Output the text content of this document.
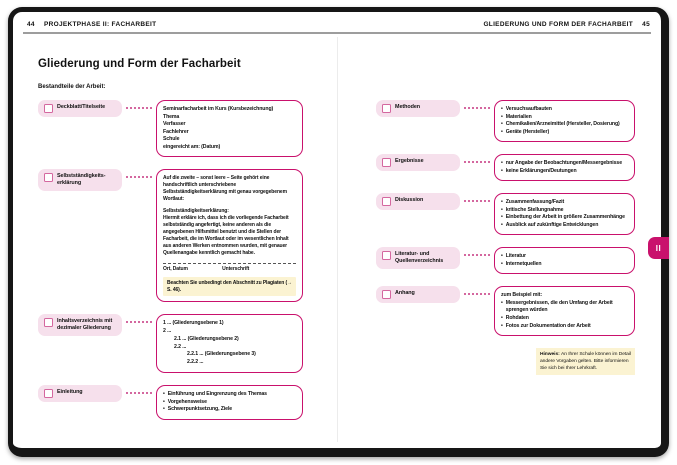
44 PROJEKTPHASE II: FACHARBEIT	GLIEDERUNG UND FORM DER FACHARBEIT 45
Gliederung und Form der Facharbeit
Bestandteile der Arbeit:
Deckblatt/Titelseite	Seminarfacharbeit im Kurs (Kursbezeichnung)
Thema
Verfasser
Fachlehrer
Schule
eingereicht am: (Datum)
Selbstständigkeits-
erklärung
Auf die zweite – sonst leere – Seite gehört eine handschriftlich unterschriebene Selbstständigkeitserklärung mit genau vorgegebenem Wortlaut:
Selbstständigkeitserklärung:
Hiermit erkläre ich, dass ich die vorliegende Facharbeit selbstständig angefertigt, keine anderen als die angegebenen Hilfsmittel benutzt und die Stellen der Facharbeit, die im Wortlaut oder im wesentlichen Inhalt aus anderen Werken entnommen wurden, mit genauer Quellenangabe kenntlich gemacht habe.
Ort, Datum	Unterschrift
Beachten Sie unbedingt den Abschnitt zu Plagiaten (→ S. 46).
Inhaltsverzeichnis mit
dezimaler Gliederung
1 ... (Gliederungsebene 1)
2 ...
2.1 ... (Gliederungsebene 2)
2.2 ...
2.2.1 ... (Gliederungsebene 3)
2.2.2 ...
Einleitung	• Einführung und Eingrenzung des Themas
• Vorgehensweise
• Schwerpunktsetzung, Ziele
Methoden	• Versuchsaufbauten
• Materialien
• Chemikalien/Arzneimittel (Hersteller, Dosierung)
• Geräte (Hersteller)
Ergebnisse	• nur Angabe der Beobachtungen/Messergebnisse
• keine Erklärungen/Deutungen
Diskussion	• Zusammenfassung/Fazit
• kritische Stellungnahme
• Einbettung der Arbeit in größere Zusammenhänge
• Ausblick auf zukünftige Entwicklungen
Literatur- und
Quellenverzeichnis
• Literatur
• Internetquellen
Anhang	zum Beispiel mit:
• Messergebnissen, die den Umfang der Arbeit sprengen würden
• Rohdaten
• Fotos zur Dokumentation der Arbeit
Hinweis: An Ihrer Schule können im Detail andere Vorgaben gelten. Bitte informieren Sie sich bei Ihrer Lehrkraft.
II
